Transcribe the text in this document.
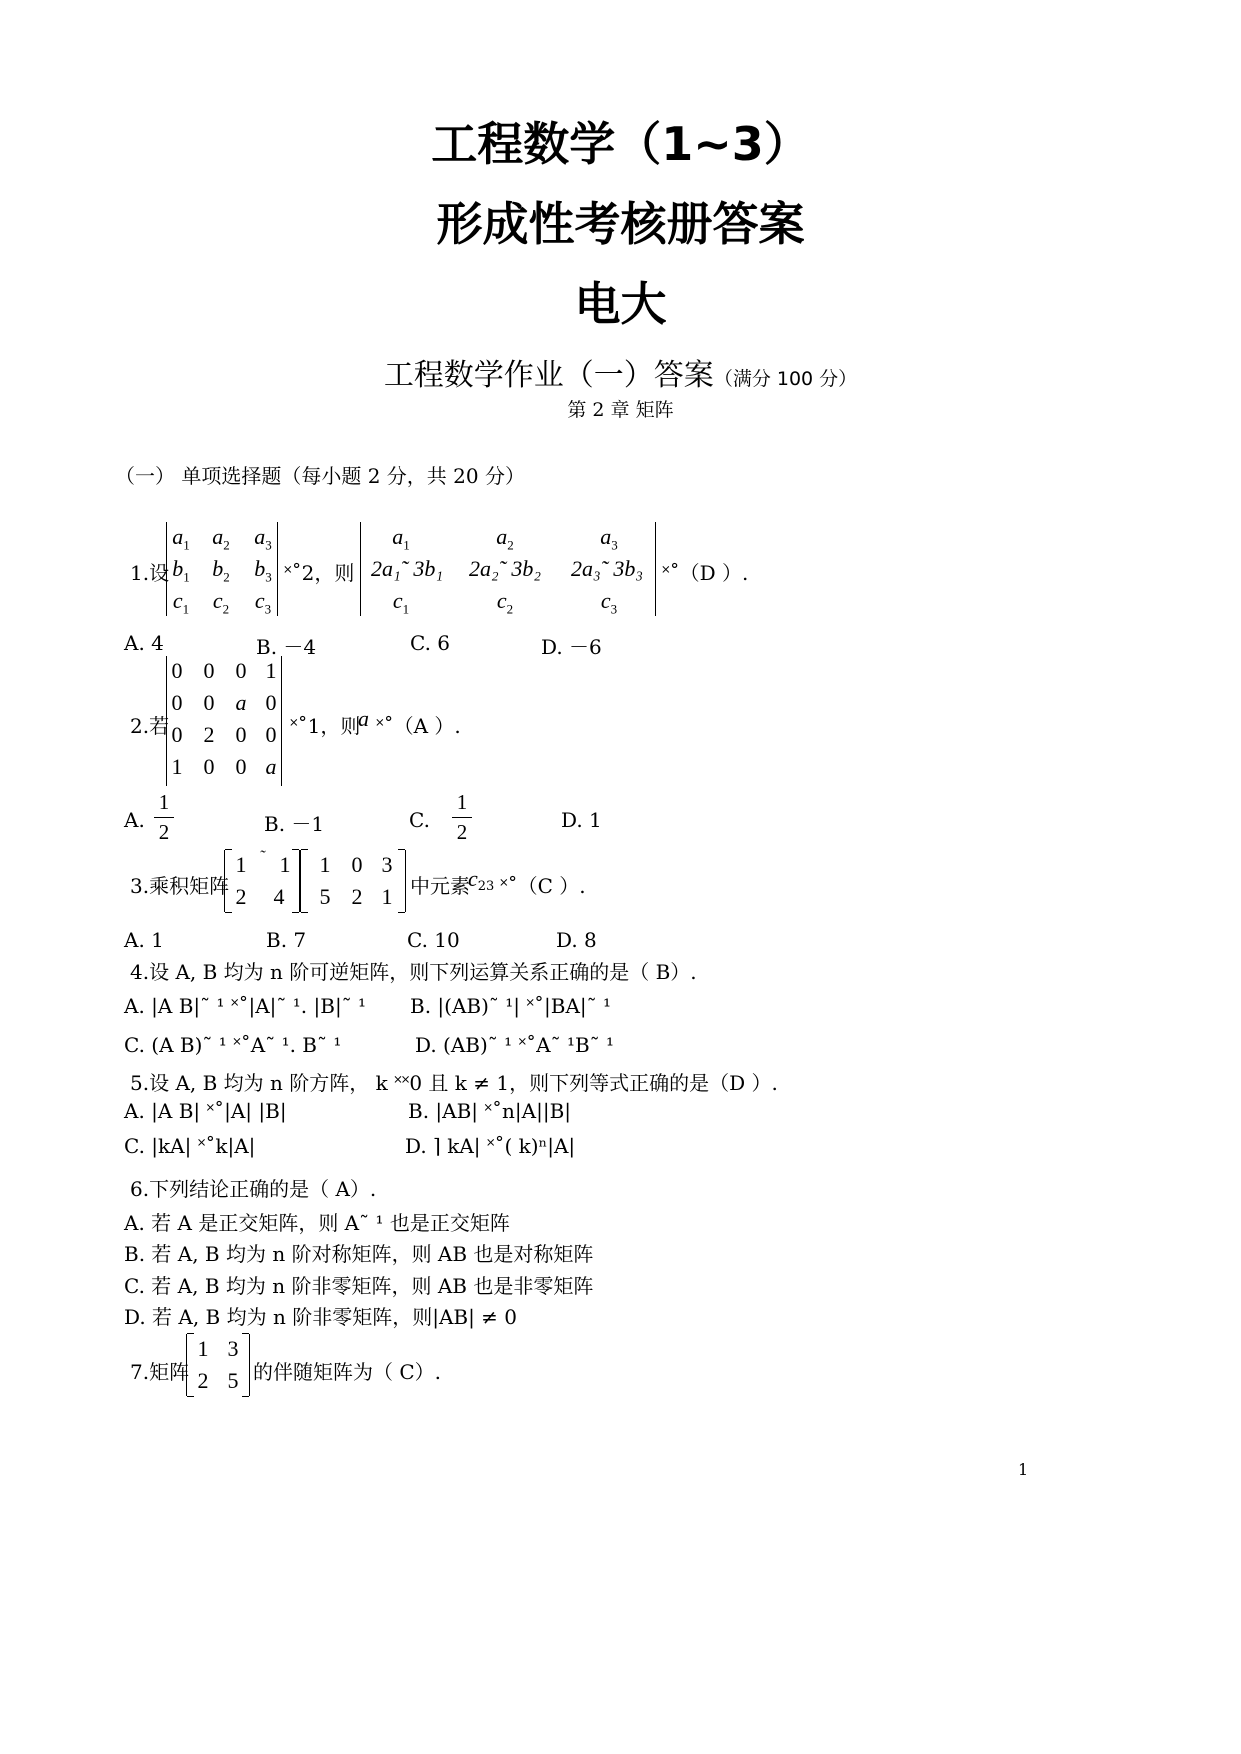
工程数学（1~3）
形成性考核册答案
电大
工程数学作业（一）答案（满分 100 分）
第 2 章 矩阵
（一） 单项选择题（每小题 2 分，共 20 分）
1.设
$a_1$	$a_2$	$a_3$
$b_1$	$b_2$	$b_3$
$c_1$	$c_2$	$c_3$
˟˚2，则
$a_1$	$a_2$	$a_3$
2a₁˜ 3b₁	2a₂˜ 3b₂	2a₃˜ 3b₃
$c_1$	$c_2$	$c_3$
˟˚（D ）.
A. 4	B. －4	C. 6	D. －6
2.若
0 0 0 1
0 0 a 0
0 2 0 0
1 0 0 a
˟˚1，则
a ˟˚（A ）.
A.
1
2	B. －1	C.
1
2	D. 1
3.乘积矩阵
1 ˜ 1
2	4
1 0 3
5 2 1 中元素
$c_{23}$ ˟˚（C ）.
A. 1	B. 7	C. 10	D. 8
4.设 A, B 均为 n 阶可逆矩阵，则下列运算关系正确的是（ B）.
A. |A B|˜ ¹ ˟˚|A|˜ ¹. |B|˜ ¹ B. |(AB)˜ ¹| ˟˚|BA|˜ ¹
C. (A B)˜ ¹ ˟˚A˜ ¹. B˜ ¹	D. (AB)˜ ¹ ˟˚A˜ ¹B˜ ¹
5.设 A, B 均为 n 阶方阵， k ˟˟0 且 k ≠ 1，则下列等式正确的是（D ）.
A. |A B| ˟˚|A| |B|	B. |AB| ˟˚n|A||B|
C. |kA| ˟˚k|A|	D. ⌉ kA| ˟˚( k)ⁿ|A|
6.下列结论正确的是（ A）.
A. 若 A 是正交矩阵，则 A˜ ¹ 也是正交矩阵
B. 若 A, B 均为 n 阶对称矩阵，则 AB 也是对称矩阵
C. 若 A, B 均为 n 阶非零矩阵，则 AB 也是非零矩阵
D. 若 A, B 均为 n 阶非零矩阵，则|AB| ≠ 0
7.矩阵
1 3
2 5 的伴随矩阵为（ C）.
1
